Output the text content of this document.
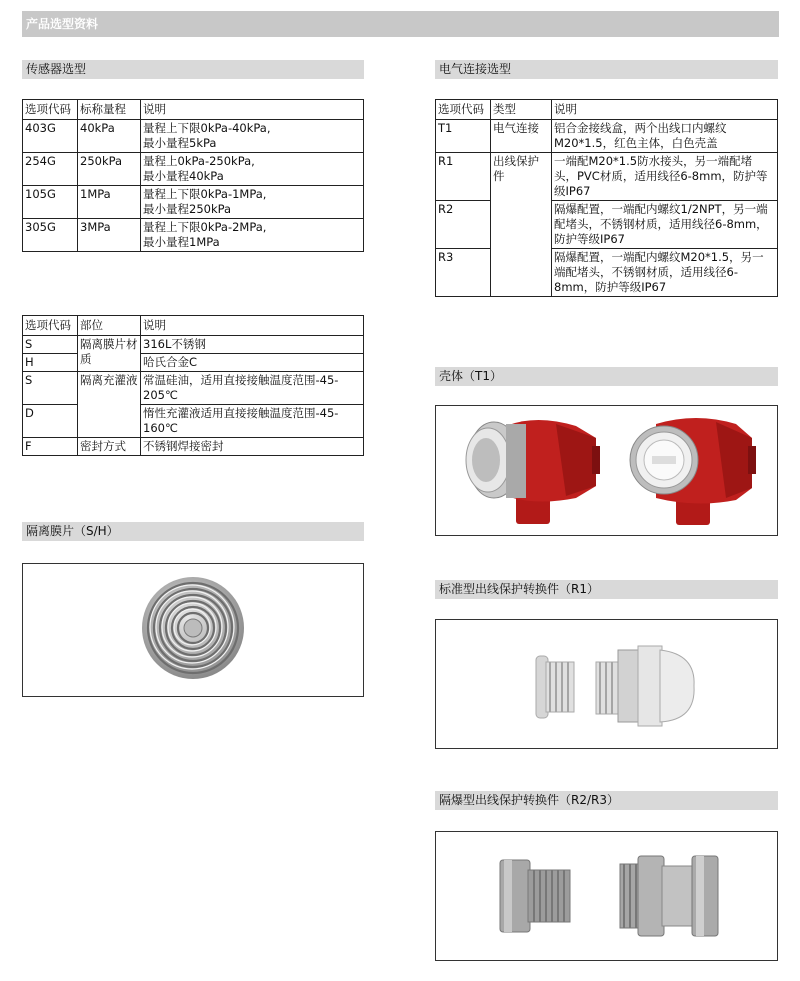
产品选型资料
传感器选型
选项代码	标称量程	说明
403G	40kPa	量程上下限0kPa-40kPa,
最小量程5kPa

254G	250kPa	量程上0kPa-250kPa,
最小量程40kPa

105G	1MPa	量程上下限0kPa-1MPa,
最小量程250kPa

305G	3MPa	量程上下限0kPa-2MPa,
最小量程1MPa
选项代码	部位	说明
S	隔离膜片材质	316L不锈钢
H		哈氏合金C
S	隔离充灌液	常温硅油，适用直接接触温度范围-45-205℃
D		惰性充灌液适用直接接触温度范围-45-160℃
F	密封方式	不锈钢焊接密封
隔离膜片（S/H）
电气连接选型
选项代码	类型	说明
T1	电气连接	铝合金接线盒，两个出线口内螺纹M20*1.5，红色主体，白色壳盖
R1	出线保护件	一端配M20*1.5防水接头，另一端配堵头，PVC材质，适用线径6-8mm，防护等级IP67
R2		隔爆配置，一端配内螺纹1/2NPT，另一端配堵头，不锈钢材质，适用线径6-8mm，防护等级IP67
R3		隔爆配置，一端配内螺纹M20*1.5，另一端配堵头，不锈钢材质，适用线径6-8mm，防护等级IP67
壳体（T1）
标准型出线保护转换件（R1）
隔爆型出线保护转换件（R2/R3）
